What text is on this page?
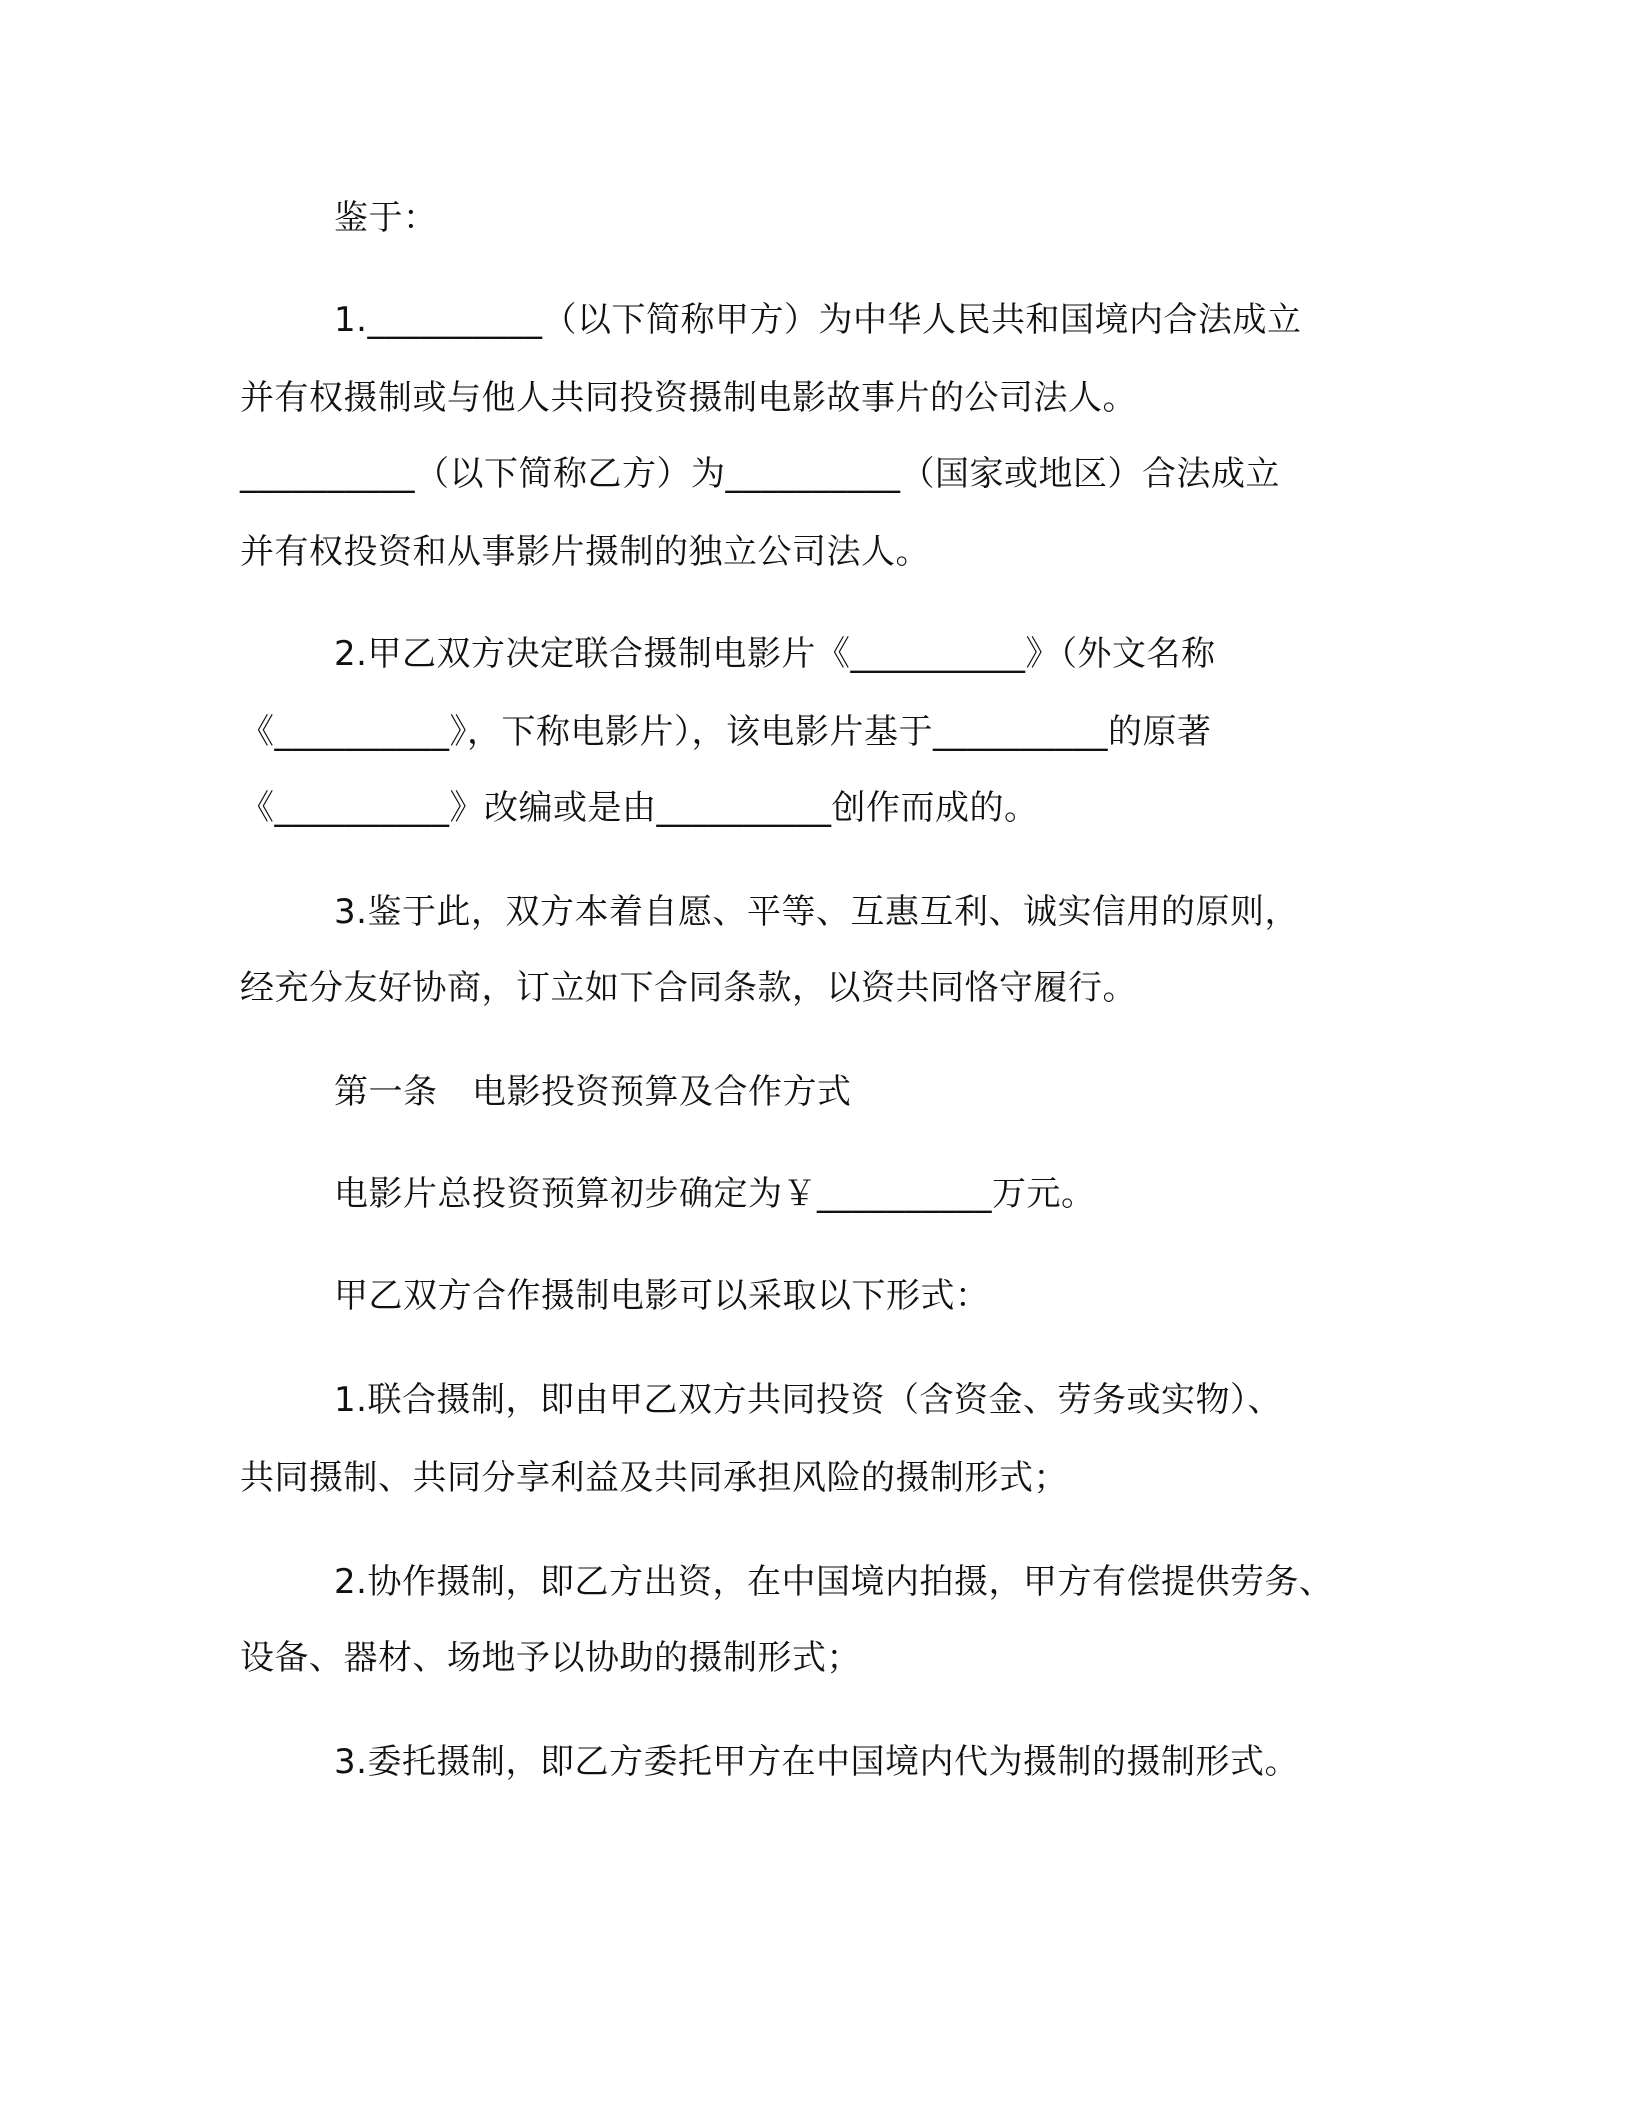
鉴于：
1.__________（以下简称甲方）为中华人民共和国境内合法成立
并有权摄制或与他人共同投资摄制电影故事片的公司法人。
__________（以下简称乙方）为__________（国家或地区）合法成立
并有权投资和从事影片摄制的独立公司法人。
2.甲乙双方决定联合摄制电影片《__________》（外文名称
《__________》，下称电影片），该电影片基于__________的原著
《__________》改编或是由__________创作而成的。
3.鉴于此，双方本着自愿、平等、互惠互利、诚实信用的原则，
经充分友好协商，订立如下合同条款，以资共同恪守履行。
第一条　电影投资预算及合作方式
电影片总投资预算初步确定为￥__________万元。
甲乙双方合作摄制电影可以采取以下形式：
1.联合摄制，即由甲乙双方共同投资（含资金、劳务或实物）、
共同摄制、共同分享利益及共同承担风险的摄制形式；
2.协作摄制，即乙方出资，在中国境内拍摄，甲方有偿提供劳务、
设备、器材、场地予以协助的摄制形式；
3.委托摄制，即乙方委托甲方在中国境内代为摄制的摄制形式。
